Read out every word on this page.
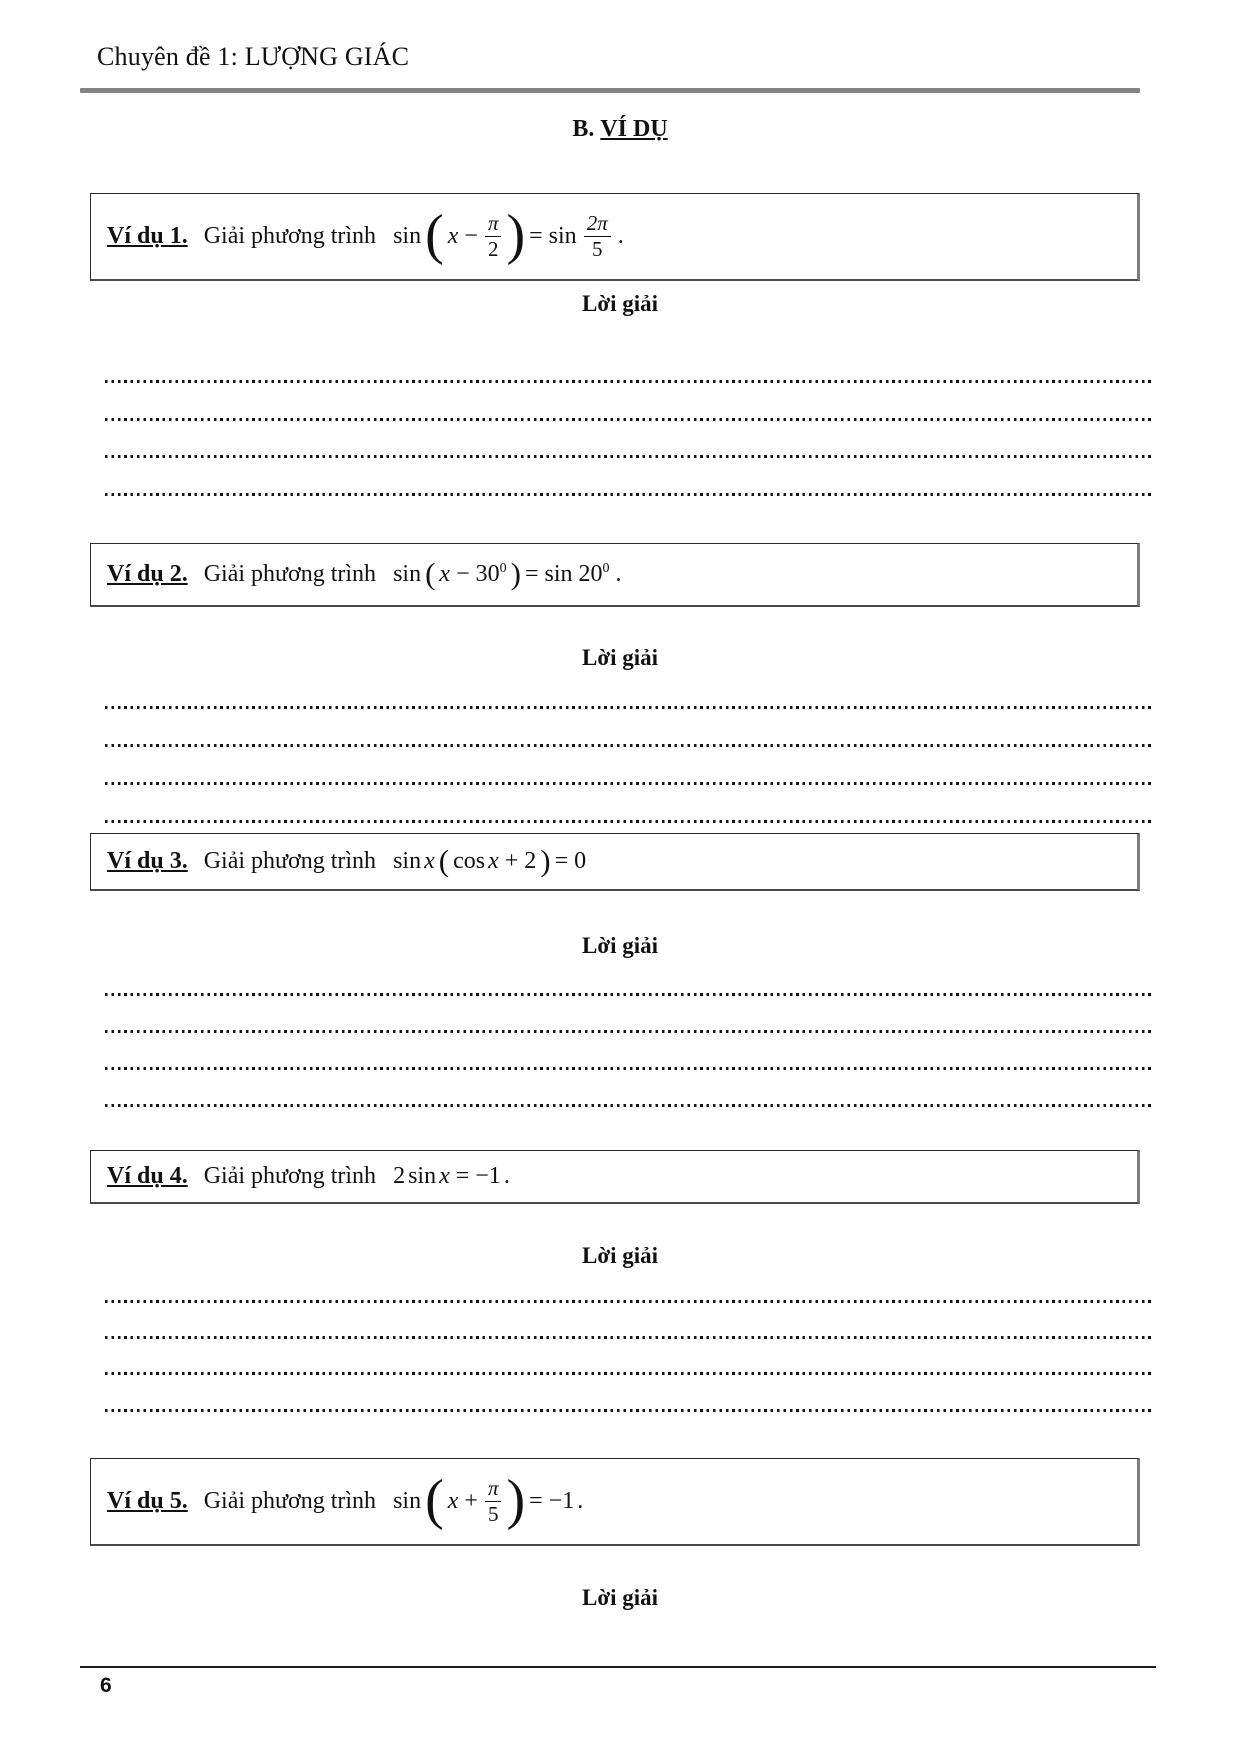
Chuyên đề 1: LƯỢNG GIÁC
B. VÍ DỤ
Ví dụ 1. Giải phương trình sin ( $x - \frac{\pi}{2}$ ) = $\sin \frac{2\pi}{5}$ .
Lời giải
Ví dụ 2. Giải phương trình sin ( $x - 30^0$ ) = $\sin 20^0$ .
Lời giải
Ví dụ 3. Giải phương trình sin x ( cos x + 2 ) = 0
Lời giải
Ví dụ 4. Giải phương trình 2 sin x = −1 .
Lời giải
Ví dụ 5. Giải phương trình sin ( $x + \frac{\pi}{5}$ ) = −1 .
Lời giải
6
